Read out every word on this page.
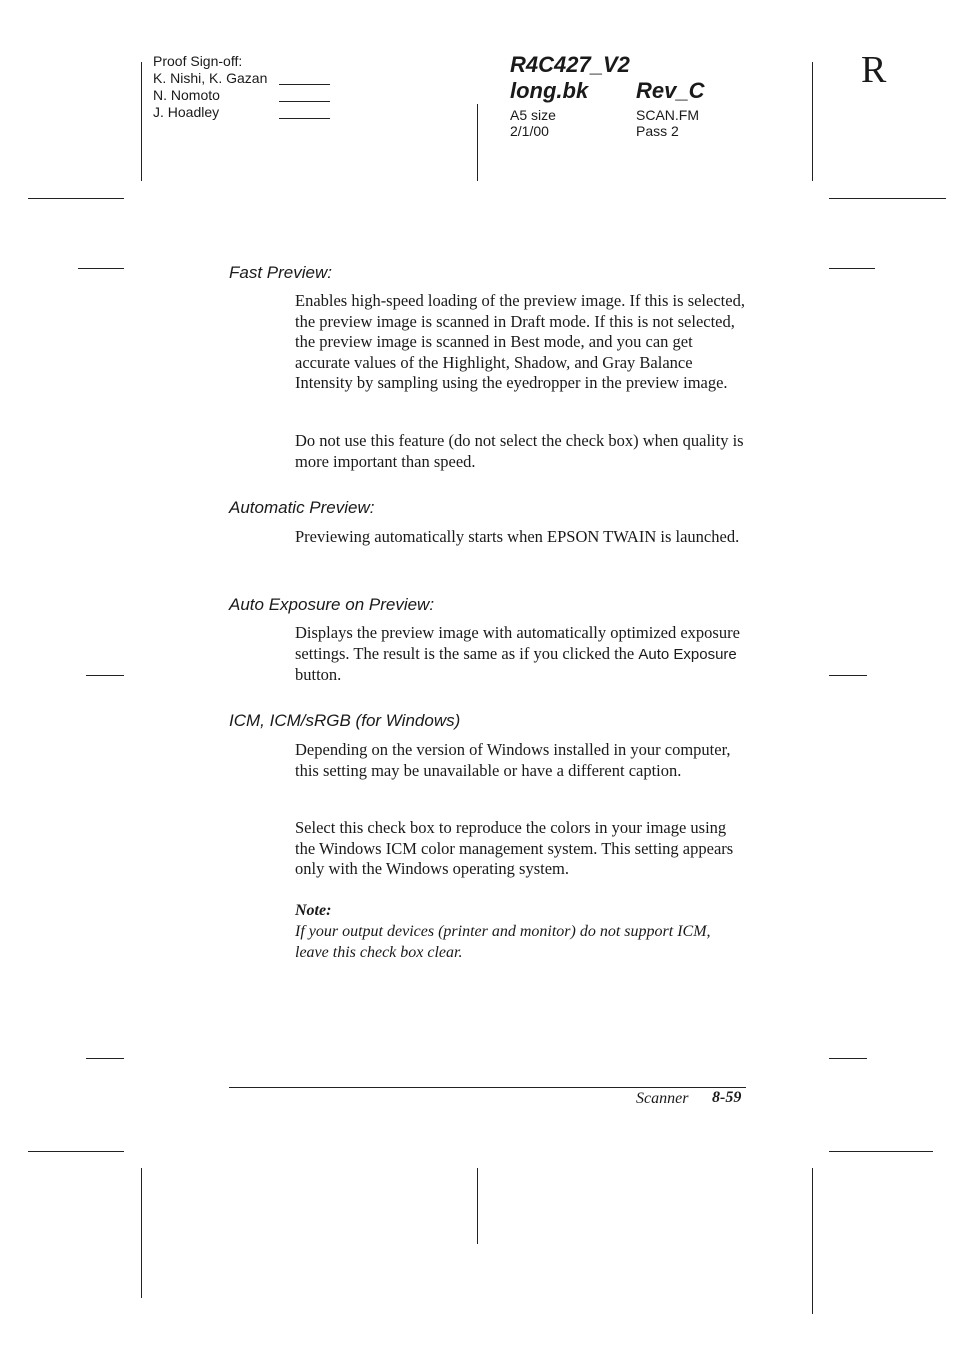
Proof Sign-off:
K. Nishi, K. Gazan
N. Nomoto
J. Hoadley
R4C427_V2
long.bk Rev_C
A5 size
2/1/00
SCAN.FM
Pass 2
R
Fast Preview:
Enables high-speed loading of the preview image. If this is selected, the preview image is scanned in Draft mode. If this is not selected, the preview image is scanned in Best mode, and you can get accurate values of the Highlight, Shadow, and Gray Balance Intensity by sampling using the eyedropper in the preview image.
Do not use this feature (do not select the check box) when quality is more important than speed.
Automatic Preview:
Previewing automatically starts when EPSON TWAIN is launched.
Auto Exposure on Preview:
Displays the preview image with automatically optimized exposure settings. The result is the same as if you clicked the Auto Exposure button.
ICM, ICM/sRGB (for Windows)
Depending on the version of Windows installed in your computer, this setting may be unavailable or have a different caption.
Select this check box to reproduce the colors in your image using the Windows ICM color management system. This setting appears only with the Windows operating system.
Note:
If your output devices (printer and monitor) do not support ICM, leave this check box clear.
Scanner 8-59
